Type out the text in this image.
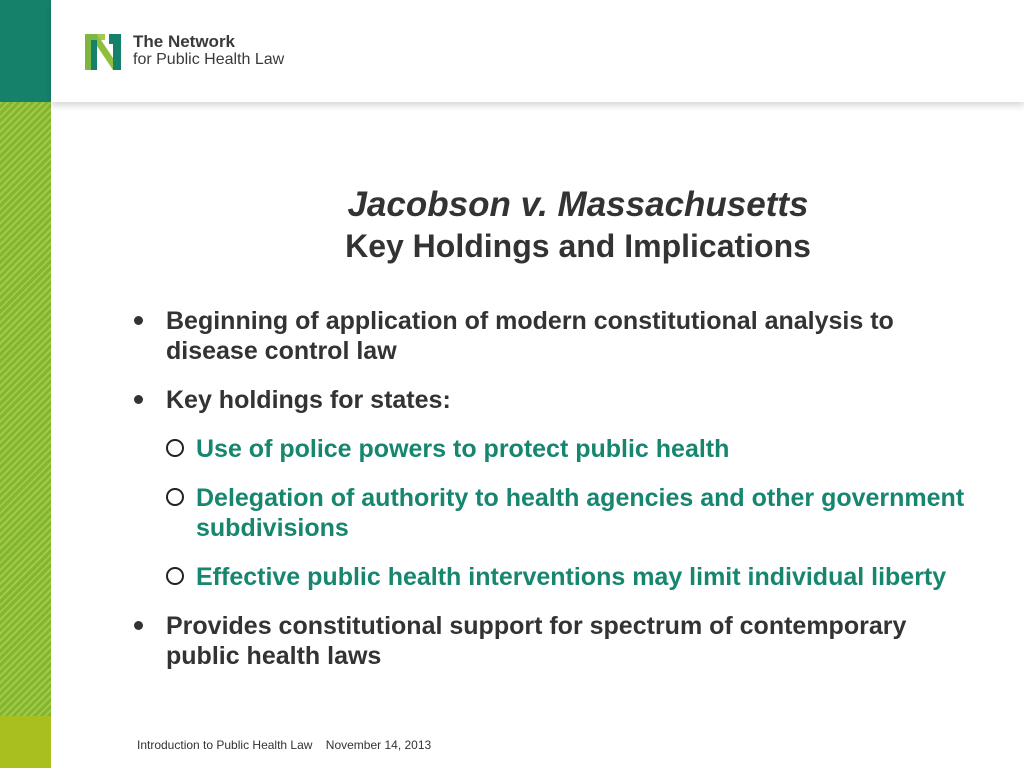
The Network
for Public Health Law
Jacobson v. Massachusetts
Key Holdings and Implications
Beginning of application of modern constitutional analysis to disease control law
Key holdings for states:
Use of police powers to protect public health
Delegation of authority to health agencies and other government subdivisions
Effective public health interventions may limit individual liberty
Provides constitutional support for spectrum of contemporary public health laws
Introduction to Public Health Law November 14, 2013
